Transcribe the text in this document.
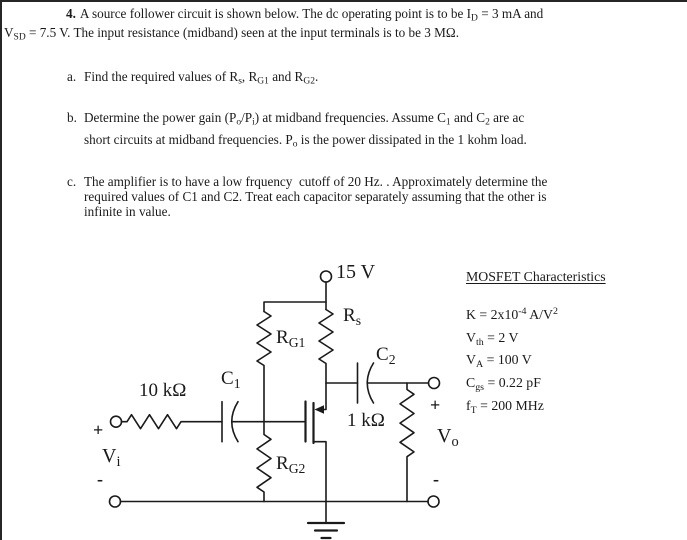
4. A source follower circuit is shown below. The dc operating point is to be $I_D = 3$ mA and
$V_{SD} = 7.5$ V. The input resistance (midband) seen at the input terminals is to be 3 MΩ.
a. Find the required values of $R_s$, $R_{G1}$ and $R_{G2}$.
b. Determine the power gain $(P_o/P_i)$ at midband frequencies. Assume $C_1$ and $C_2$ are ac
short circuits at midband frequencies. $P_o$ is the power dissipated in the 1 kohm load.
c. The amplifier is to have a low frquency  cutoff of 20 Hz. . Approximately determine the
required values of C1 and C2. Treat each capacitor separately assuming that the other is
infinite in value.
MOSFET Characteristics
$K = 2x10^{-4}$ $A/V^2$
$V_{th} = 2$ V
$V_A = 100$ V
$C_{gs} = 0.22$ pF
$f_T = 200$ MHz
15 V
$R_s$
$R_{G1}$
$C_1$
$C_2$
10 kΩ
1 kΩ
$R_{G2}$
$V_i$
$V_o$
+
-
+
-
